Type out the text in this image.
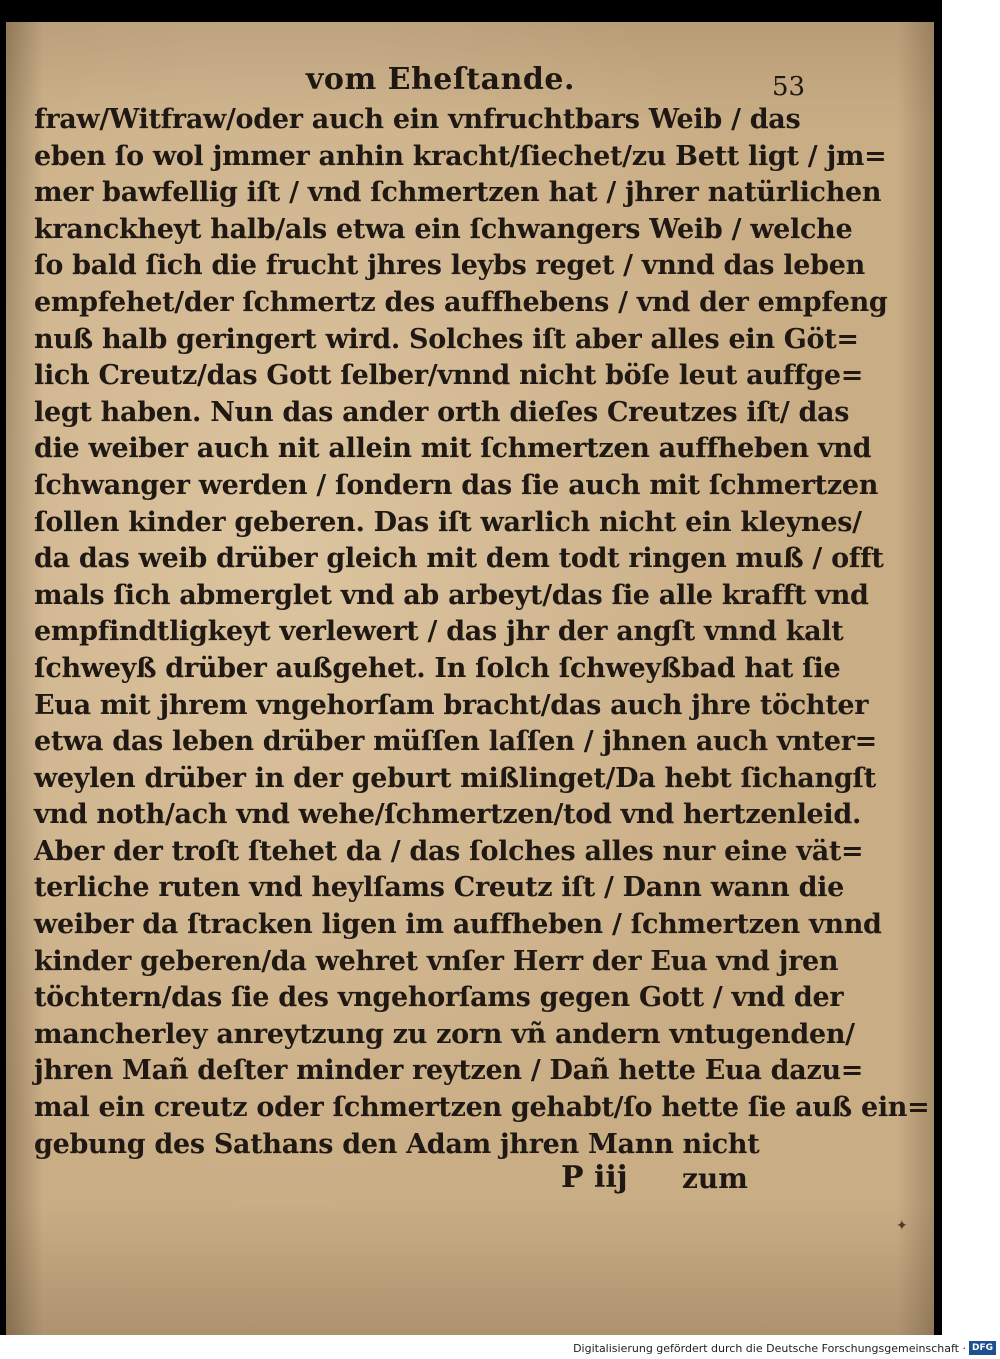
vom Eheſtande.	53
fraw/Witfraw/oder auch ein vnfruchtbars Weib / das
eben ſo wol jmmer anhin kracht/ſiechet/zu Bett ligt / jm=
mer bawfellig iſt / vnd ſchmertzen hat / jhrer natürlichen
kranckheyt halb/als etwa ein ſchwangers Weib / welche
ſo bald ſich die frucht jhres leybs reget / vnnd das leben
empfehet/der ſchmertz des auffhebens / vnd der empfeng
nuß halb geringert wird. Solches iſt aber alles ein Göt=
lich Creutz/das Gott ſelber/vnnd nicht böſe leut auffge=
legt haben. Nun das ander orth dieſes Creutzes iſt/ das
die weiber auch nit allein mit ſchmertzen auffheben vnd
ſchwanger werden / ſondern das ſie auch mit ſchmertzen
ſollen kinder geberen. Das iſt warlich nicht ein kleynes/
da das weib drüber gleich mit dem todt ringen muß / offt
mals ſich abmerglet vnd ab arbeyt/das ſie alle krafft vnd
empfindtligkeyt verlewert / das jhr der angſt vnnd kalt
ſchweyß drüber außgehet. In ſolch ſchweyßbad hat ſie
Eua mit jhrem vngehorſam bracht/das auch jhre töchter
etwa das leben drüber müſſen laſſen / jhnen auch vnter=
weylen drüber in der geburt mißlinget/Da hebt ſichangſt
vnd noth/ach vnd wehe/ſchmertzen/tod vnd hertzenleid.
Aber der troſt ſtehet da / das ſolches alles nur eine vät=
terliche ruten vnd heylſams Creutz iſt / Dann wann die
weiber da ſtracken ligen im auffheben / ſchmertzen vnnd
kinder geberen/da wehret vnſer Herr der Eua vnd jren
töchtern/das ſie des vngehorſams gegen Gott / vnd der
mancherley anreytzung zu zorn vñ andern vntugenden/
jhren Mañ deſter minder reytzen / Dañ hette Eua dazu=
mal ein creutz oder ſchmertzen gehabt/ſo hette ſie auß ein=
gebung des Sathans den Adam jhren Mann nicht
P iij zum
✦
Digitalisierung gefördert durch die Deutsche Forschungsgemeinschaft · DFG
